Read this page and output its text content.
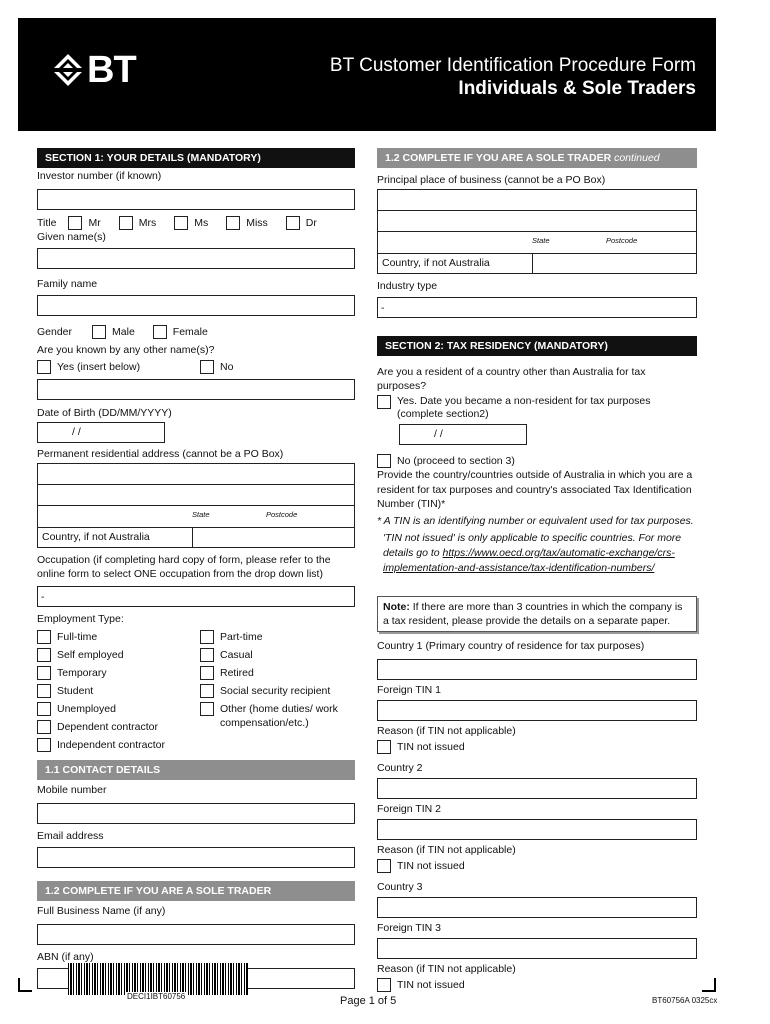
BT	BT Customer Identification Procedure Form
Individuals & Sole Traders
SECTION 1: YOUR DETAILS (MANDATORY)
Investor number (if known)
Title	Mr	Mrs	Ms	Miss	Dr
Given name(s)
Family name
Gender	Male	Female
Are you known by any other name(s)?
Yes (insert below)	No
Date of Birth (DD/MM/YYYY)
/ /
Permanent residential address (cannot be a PO Box)
State	Postcode
Country, if not Australia
Occupation (if completing hard copy of form, please refer to the online form to select ONE occupation from the drop down list)
-
Employment Type:
Full-time
Self employed
Temporary
Student
Unemployed
Dependent contractor
Independent contractor
Part-time
Casual
Retired
Social security recipient
Other (home duties/ work compensation/etc.)
1.1 CONTACT DETAILS
Mobile number
Email address
1.2 COMPLETE IF YOU ARE A SOLE TRADER
Full Business Name (if any)
ABN (if any)
1.2 COMPLETE IF YOU ARE A SOLE TRADER continued
Principal place of business (cannot be a PO Box)
State	Postcode
Country, if not Australia
Industry type
-
SECTION 2: TAX RESIDENCY (MANDATORY)
Are you a resident of a country other than Australia for tax purposes?
Yes. Date you became a non-resident for tax purposes (complete section2)
/ /
No (proceed to section 3)
Provide the country/countries outside of Australia in which you are a resident for tax purposes and country's associated Tax Identification Number (TIN)*
* A TIN is an identifying number or equivalent used for tax purposes.
'TIN not issued' is only applicable to specific countries. For more details go to https://www.oecd.org/tax/automatic-exchange/crs-implementation-and-assistance/tax-identification-numbers/
Note: If there are more than 3 countries in which the company is a tax resident, please provide the details on a separate paper.
Country 1 (Primary country of residence for tax purposes)
Foreign TIN 1
Reason (if TIN not applicable)
TIN not issued
Country 2
Foreign TIN 2
Reason (if TIN not applicable)
TIN not issued
Country 3
Foreign TIN 3
Reason (if TIN not applicable)
TIN not issued
DECI1IBT60756	Page 1 of 5	BT60756A 0325cx
